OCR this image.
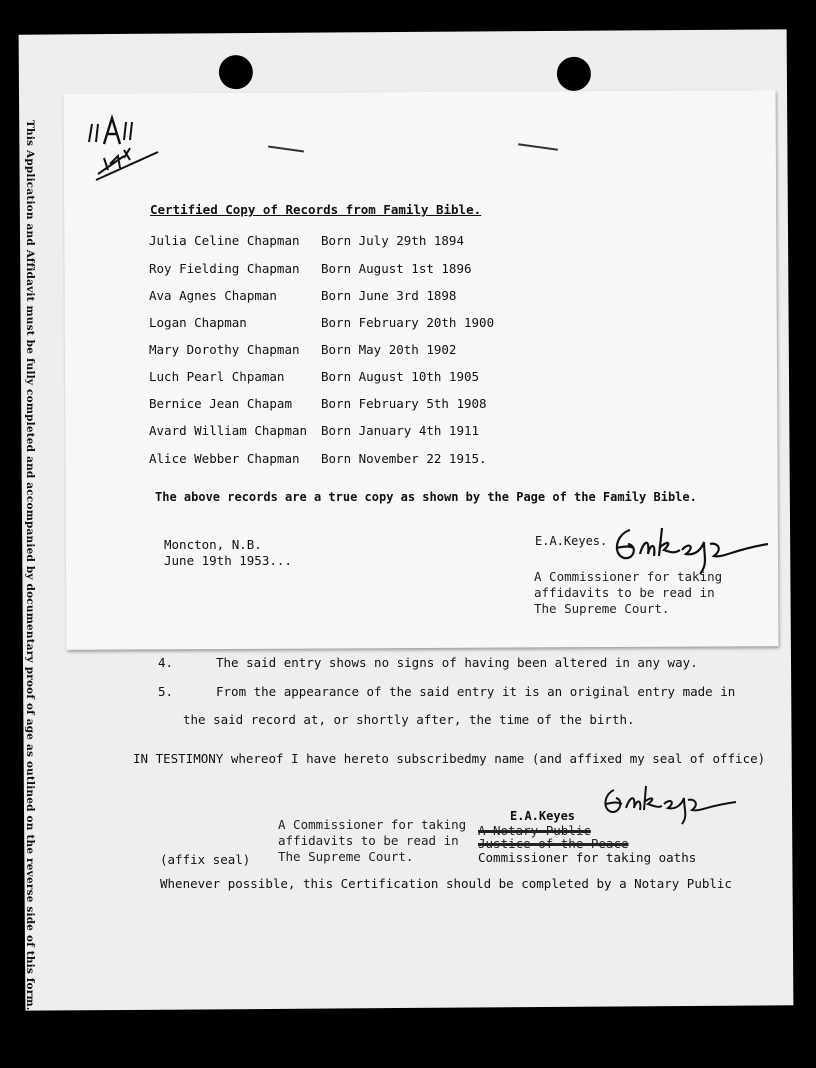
This Application and Affidavit must be fully completed and accompanied by documentary proof of age as outlined on the reverse side of this form.	4.	The said entry shows no signs of having been altered in any way.
5.	From the appearance of the said entry it is an original entry made in
the said record at, or shortly after, the time of the birth.
IN TESTIMONY whereof I have hereto subscribedmy name (and affixed my seal of office)
A Commissioner for taking
affidavits to be read in
The Supreme Court.
E.A.Keyes
A Notary Public
Justice of the Peace
Commissioner for taking oaths
(affix seal)
Whenever possible, this Certification should be completed by a Notary Public
Certified Copy of Records from Family Bible.
Julia Celine Chapman Born July 29th 1894
Roy Fielding Chapman Born August 1st 1896
Ava Agnes Chapman	Born June 3rd 1898
Logan Chapman	Born February 20th 1900
Mary Dorothy Chapman Born May 20th 1902
Luch Pearl Chpaman	Born August 10th 1905
Bernice Jean Chapam Born February 5th 1908
Avard William Chapman Born January 4th 1911
Alice Webber Chapman Born November 22 1915.
The above records are a true copy as shown by the Page of the Family Bible.
Moncton, N.B.
June 19th 1953...
E.A.Keyes.
A Commissioner for taking
affidavits to be read in
The Supreme Court.
